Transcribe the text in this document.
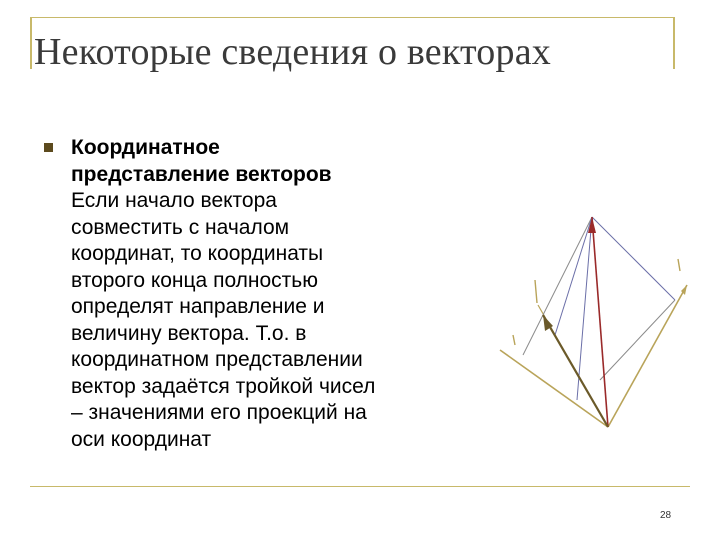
Некоторые сведения о векторах
Координатное
представление векторов
Если начало вектора совместить с началом координат, то координаты второго конца полностью определят направление и величину вектора. Т.о. в координатном представлении вектор задаётся тройкой чисел – значениями его проекций на оси координат
28
